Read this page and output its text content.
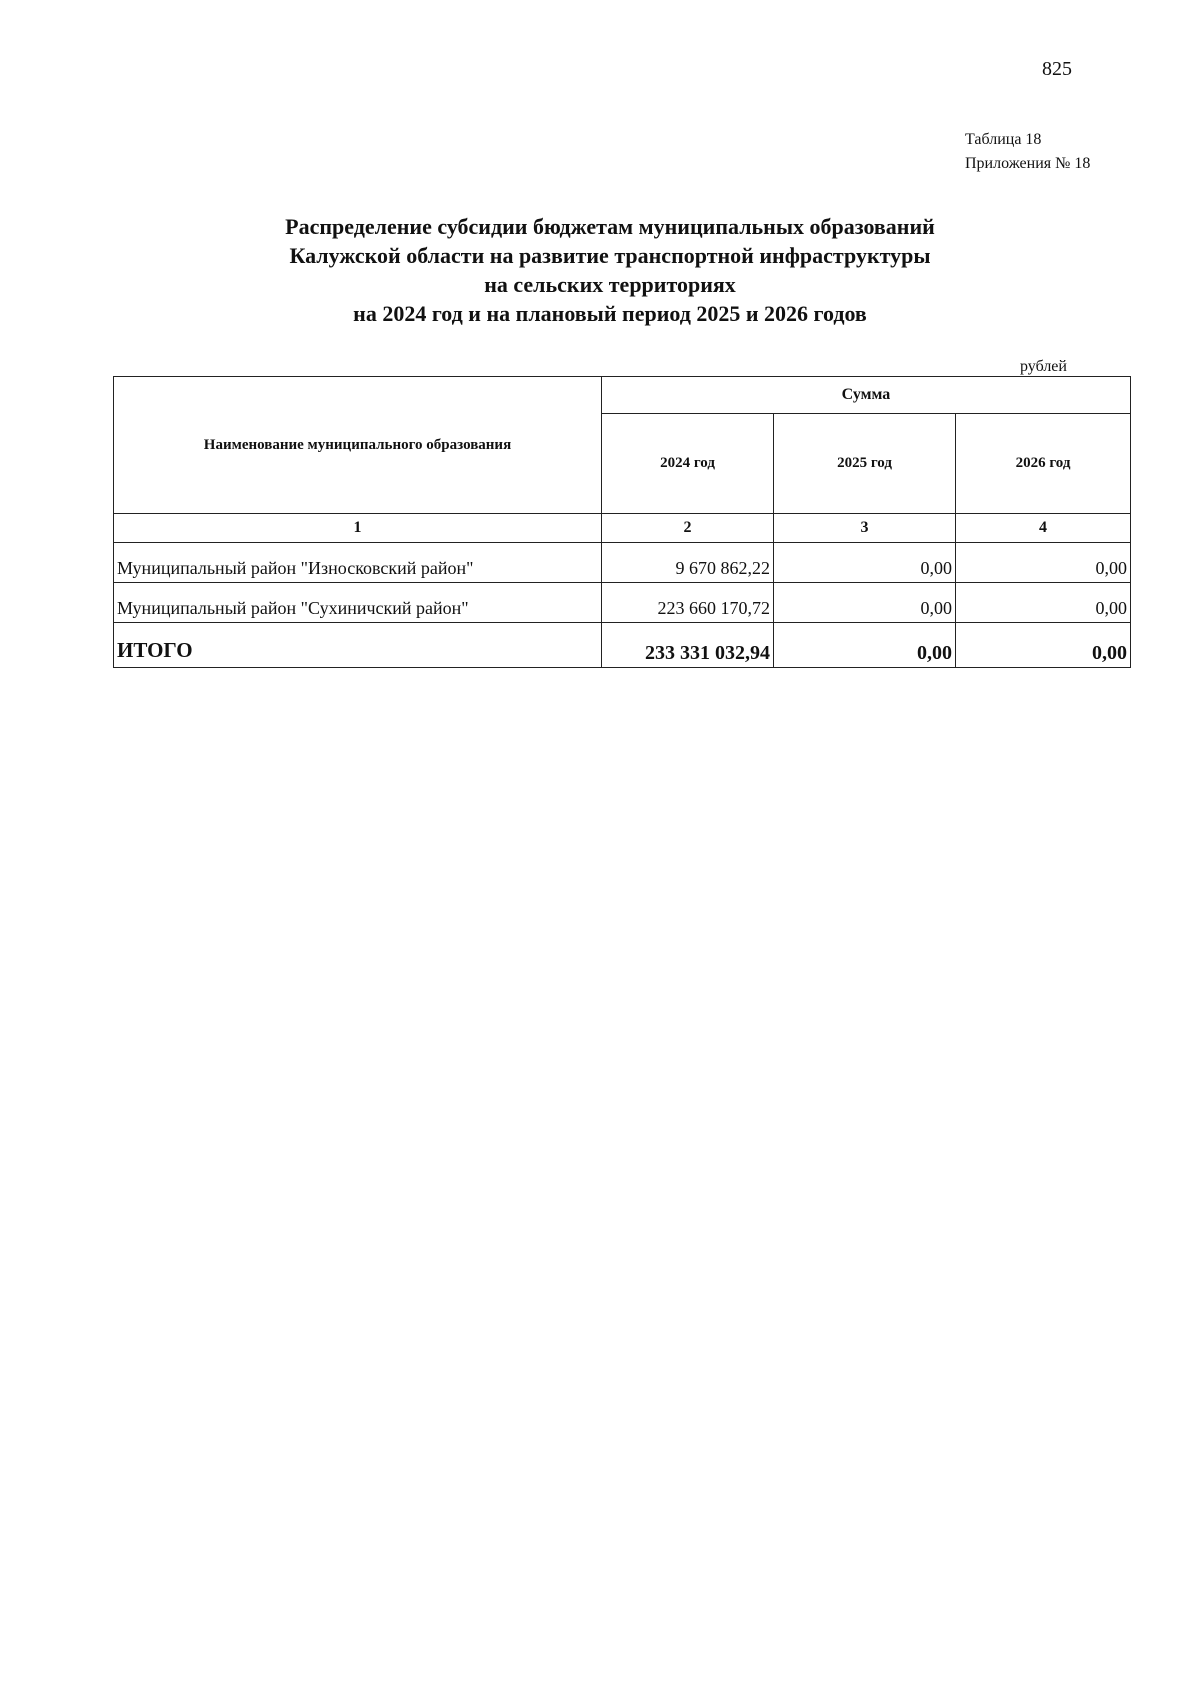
825
Таблица 18
Приложения № 18
Распределение субсидии бюджетам муниципальных образований
Калужской области на развитие транспортной инфраструктуры
на сельских территориях
на 2024 год и на плановый период 2025 и 2026 годов
рублей
Наименование муниципального образования	Сумма		
	2024 год	2025 год	2026 год
1	2	3	4
Муниципальный район "Износковский район"	9 670 862,22	0,00	0,00
Муниципальный район "Сухиничский район"	223 660 170,72	0,00	0,00
ИТОГО	233 331 032,94	0,00	0,00
